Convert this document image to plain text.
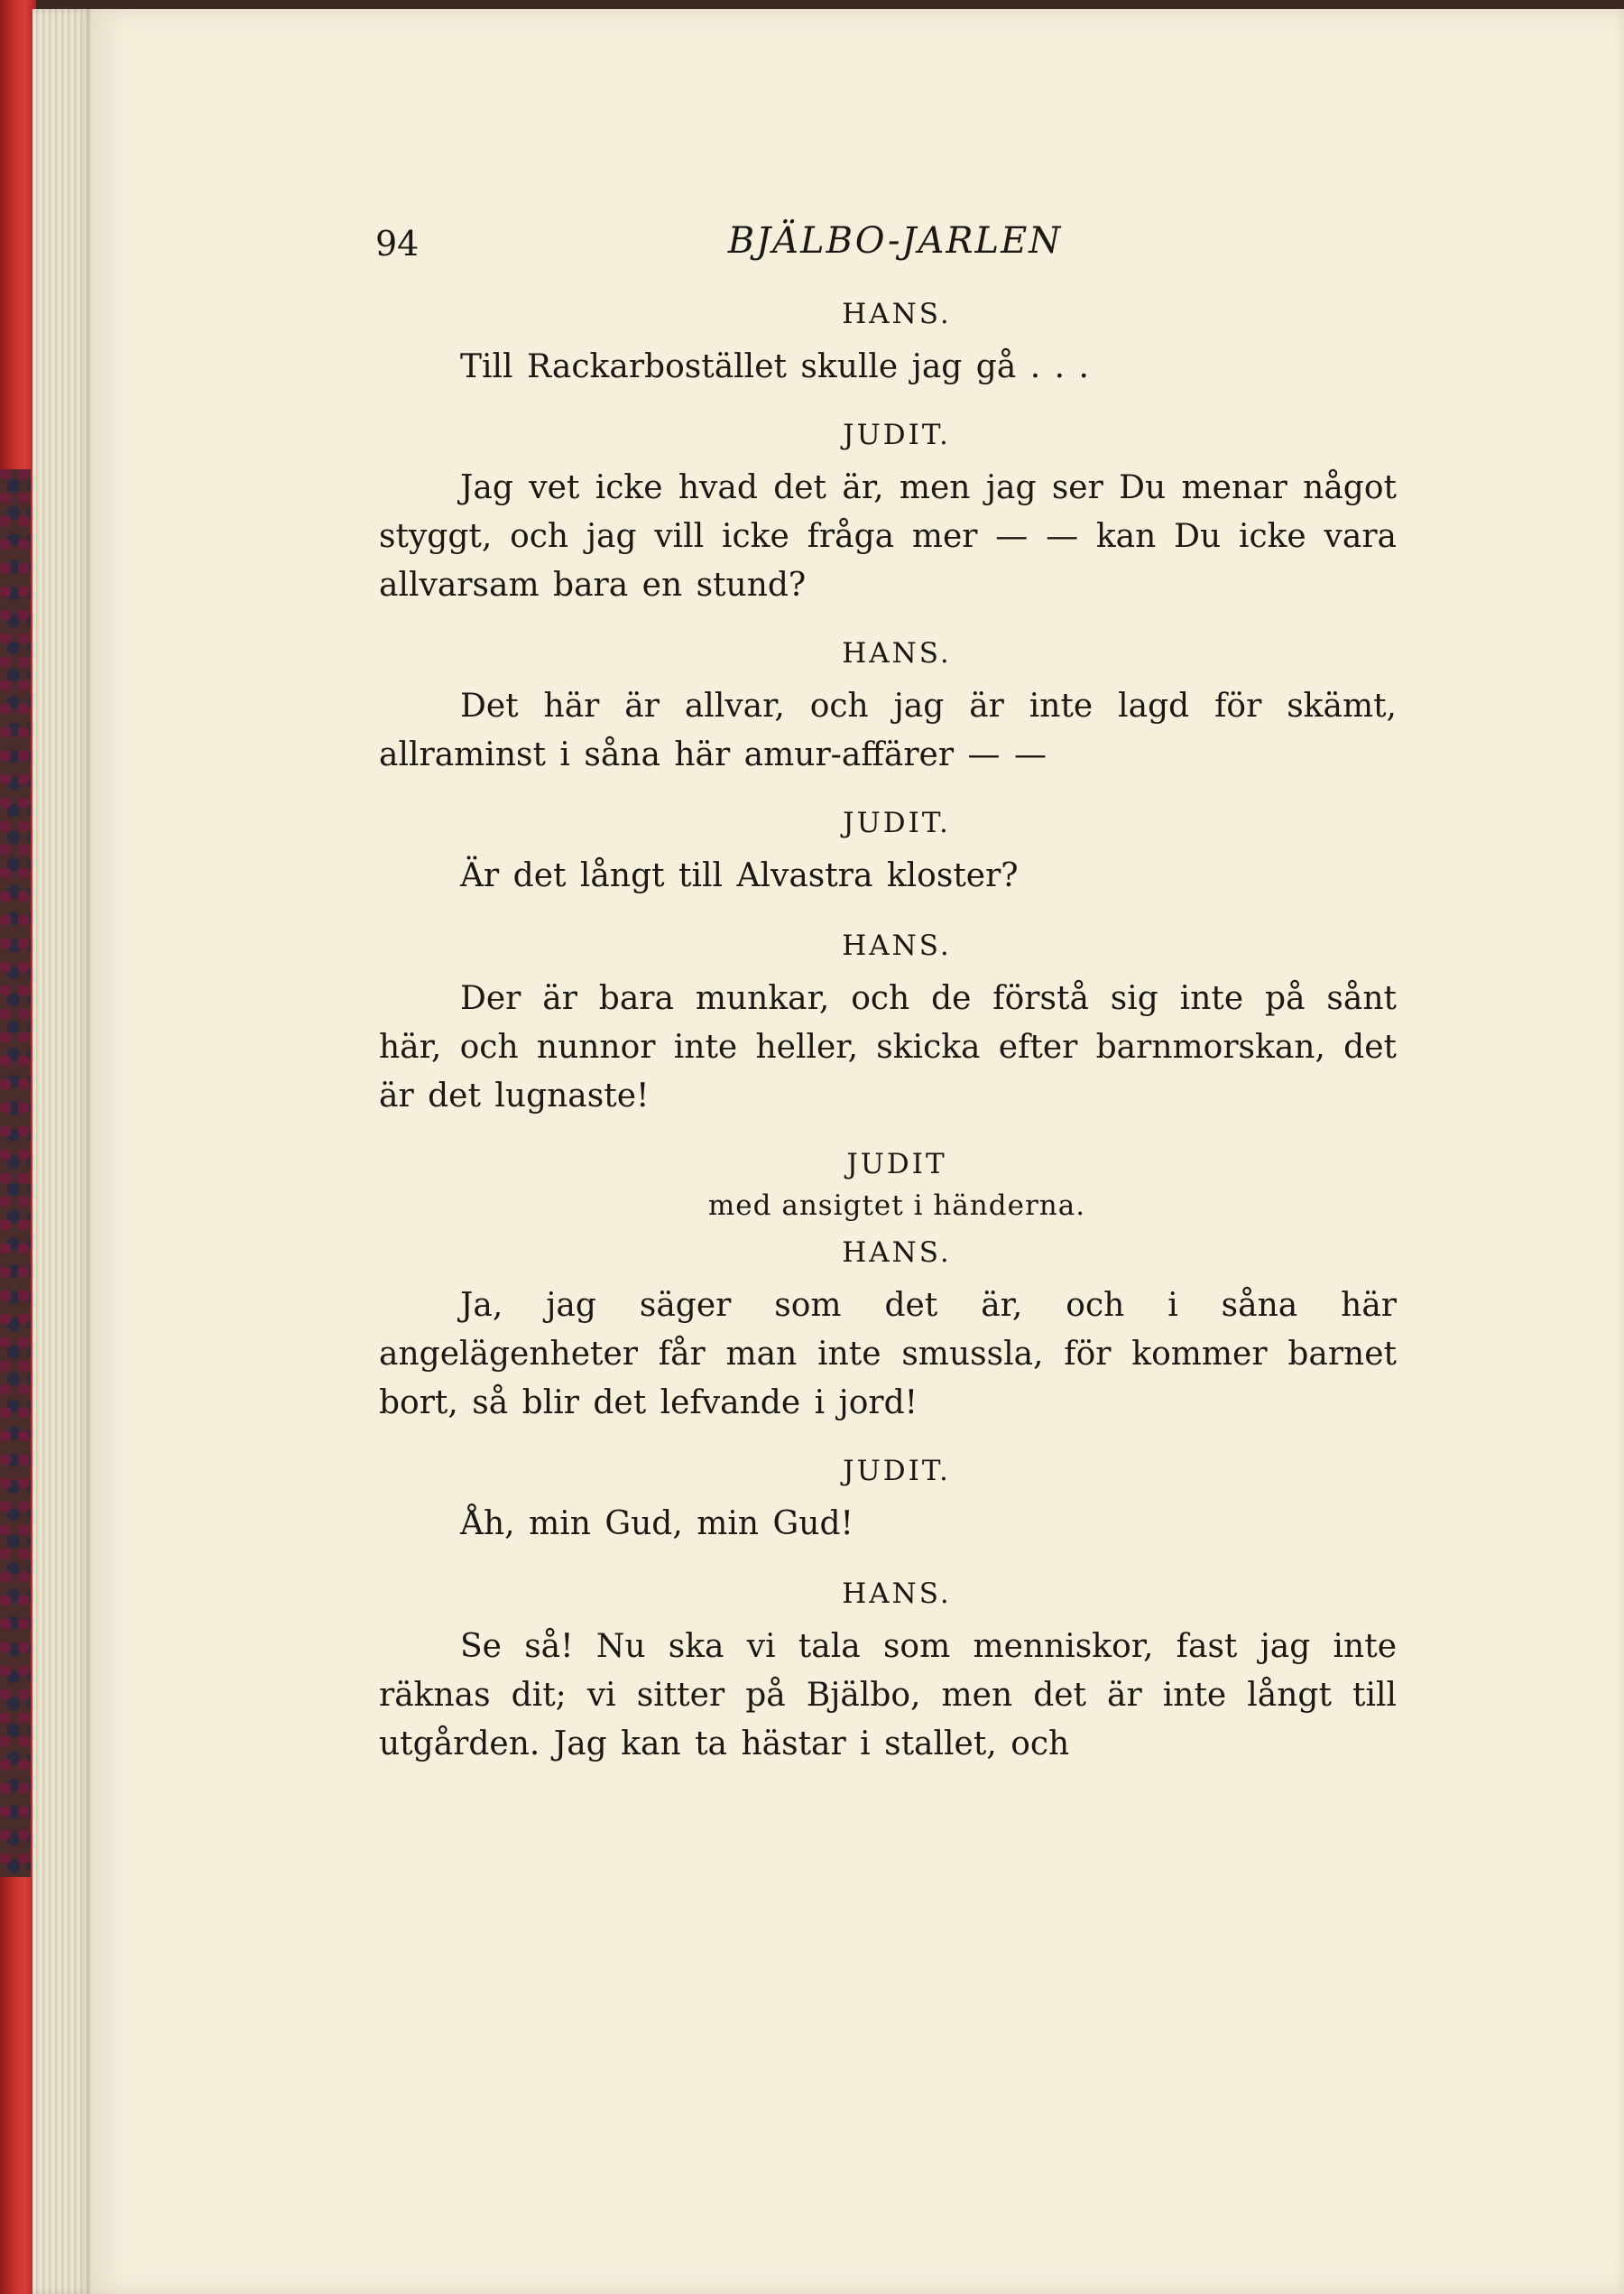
94	BJÄLBO-JARLEN

HANS.

Till Rackarbostället skulle jag gå . . .

JUDIT.

Jag vet icke hvad det är, men jag ser Du menar något styggt, och jag vill icke fråga mer — — kan Du icke vara allvarsam bara en stund?

HANS.

Det här är allvar, och jag är inte lagd för skämt, allraminst i såna här amur-affärer — —

JUDIT.

Är det långt till Alvastra kloster?

HANS.

Der är bara munkar, och de förstå sig inte på sånt här, och nunnor inte heller, skicka efter barnmorskan, det är det lugnaste!

JUDIT

med ansigtet i händerna.

HANS.

Ja, jag säger som det är, och i såna här angelägenheter får man inte smussla, för kommer barnet bort, så blir det lefvande i jord!

JUDIT.

Åh, min Gud, min Gud!

HANS.

Se så! Nu ska vi tala som menniskor, fast jag inte räknas dit; vi sitter på Bjälbo, men det är inte långt till utgården. Jag kan ta hästar i stallet, och
